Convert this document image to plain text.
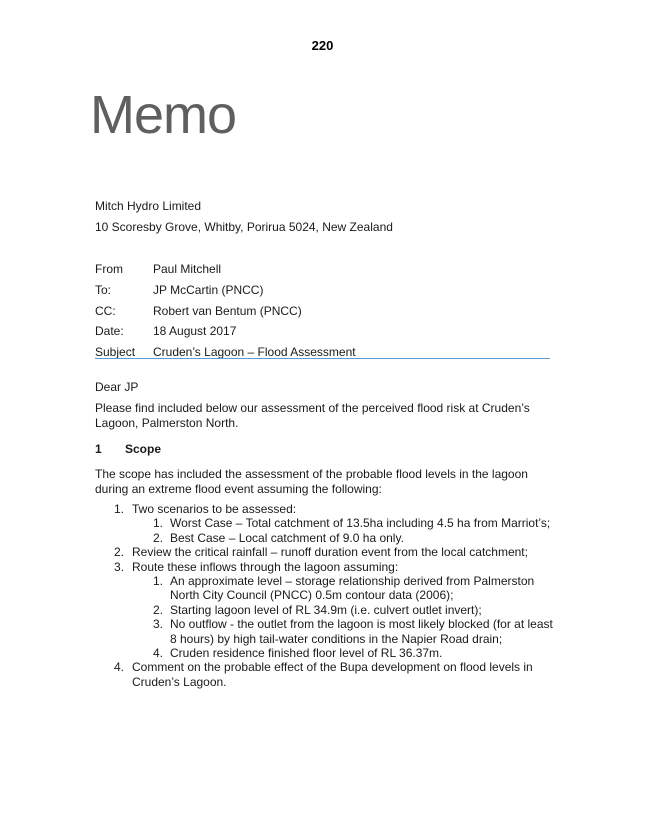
220
Memo
Mitch Hydro Limited
10 Scoresby Grove, Whitby, Porirua 5024, New Zealand
From	Paul Mitchell
To:	JP McCartin (PNCC)
CC:	Robert van Bentum (PNCC)
Date: 18 August 2017
Subject Cruden’s Lagoon – Flood Assessment
Dear JP
Please find included below our assessment of the perceived flood risk at Cruden’s Lagoon, Palmerston North.
1 Scope
The scope has included the assessment of the probable flood levels in the lagoon during an extreme flood event assuming the following:
1. Two scenarios to be assessed:
1. Worst Case – Total catchment of 13.5ha including 4.5 ha from Marriot’s;
2. Best Case – Local catchment of 9.0 ha only.
2. Review the critical rainfall – runoff duration event from the local catchment;
3. Route these inflows through the lagoon assuming:
1. An approximate level – storage relationship derived from Palmerston
North City Council (PNCC) 0.5m contour data (2006);
2. Starting lagoon level of RL 34.9m (i.e. culvert outlet invert);
3. No outflow - the outlet from the lagoon is most likely blocked (for at least
8 hours) by high tail-water conditions in the Napier Road drain;
4. Cruden residence finished floor level of RL 36.37m.
4. Comment on the probable effect of the Bupa development on flood levels in
Cruden’s Lagoon.
